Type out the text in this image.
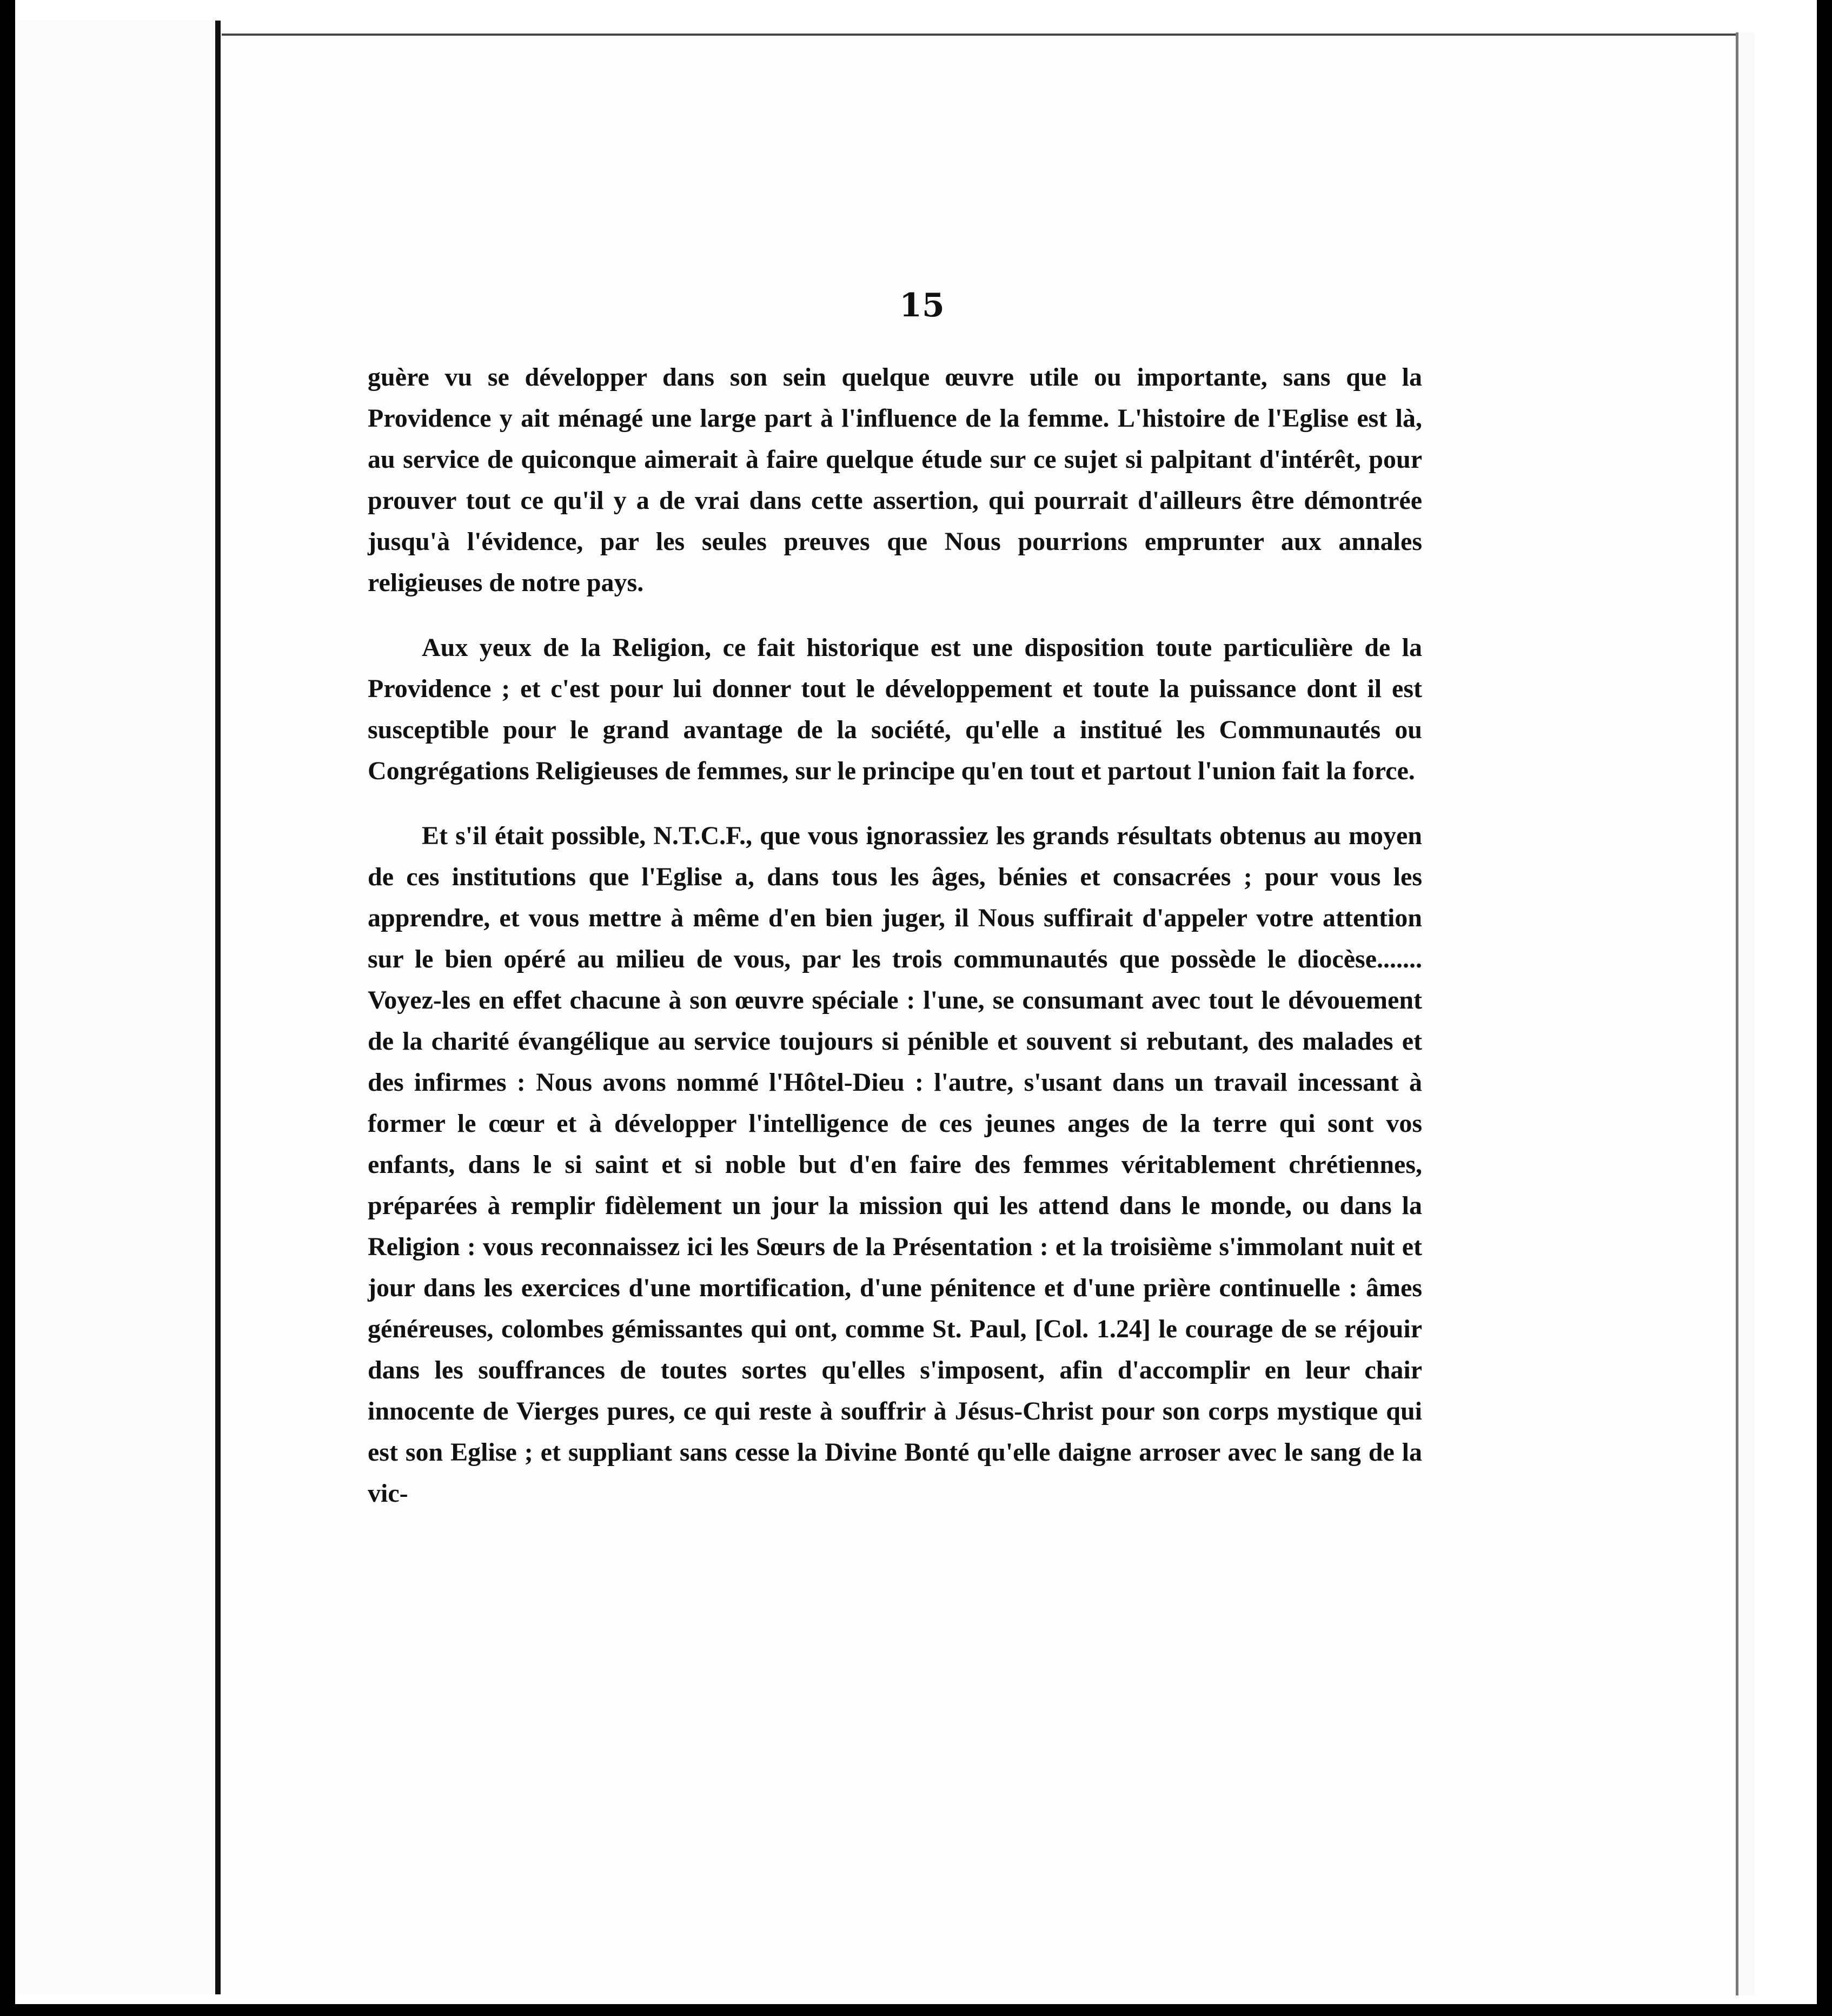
15

guère vu se développer dans son sein quelque œuvre utile ou importante, sans que la Providence y ait ménagé une large part à l'influence de la femme. L'histoire de l'Eglise est là, au service de quiconque aimerait à faire quelque étude sur ce sujet si palpitant d'intérêt, pour prouver tout ce qu'il y a de vrai dans cette assertion, qui pourrait d'ailleurs être démontrée jusqu'à l'évidence, par les seules preuves que Nous pourrions emprunter aux annales religieuses de notre pays.

Aux yeux de la Religion, ce fait historique est une disposition toute particulière de la Providence ; et c'est pour lui donner tout le développement et toute la puissance dont il est susceptible pour le grand avantage de la société, qu'elle a institué les Communautés ou Congrégations Religieuses de femmes, sur le principe qu'en tout et partout l'union fait la force.

Et s'il était possible, N.T.C.F., que vous ignorassiez les grands résultats obtenus au moyen de ces institutions que l'Eglise a, dans tous les âges, bénies et consacrées ; pour vous les apprendre, et vous mettre à même d'en bien juger, il Nous suffirait d'appeler votre attention sur le bien opéré au milieu de vous, par les trois communautés que possède le diocèse....... Voyez-les en effet chacune à son œuvre spéciale : l'une, se consumant avec tout le dévouement de la charité évangélique au service toujours si pénible et souvent si rebutant, des malades et des infirmes : Nous avons nommé l'Hôtel-Dieu : l'autre, s'usant dans un travail incessant à former le cœur et à développer l'intelligence de ces jeunes anges de la terre qui sont vos enfants, dans le si saint et si noble but d'en faire des femmes véritablement chrétiennes, préparées à remplir fidèlement un jour la mission qui les attend dans le monde, ou dans la Religion : vous reconnaissez ici les Sœurs de la Présentation : et la troisième s'immolant nuit et jour dans les exercices d'une mortification, d'une pénitence et d'une prière continuelle : âmes généreuses, colombes gémissantes qui ont, comme St. Paul, [Col. 1.24] le courage de se réjouir dans les souffrances de toutes sortes qu'elles s'imposent, afin d'accomplir en leur chair innocente de Vierges pures, ce qui reste à souffrir à Jésus-Christ pour son corps mystique qui est son Eglise ; et suppliant sans cesse la Divine Bonté qu'elle daigne arroser avec le sang de la vic-
